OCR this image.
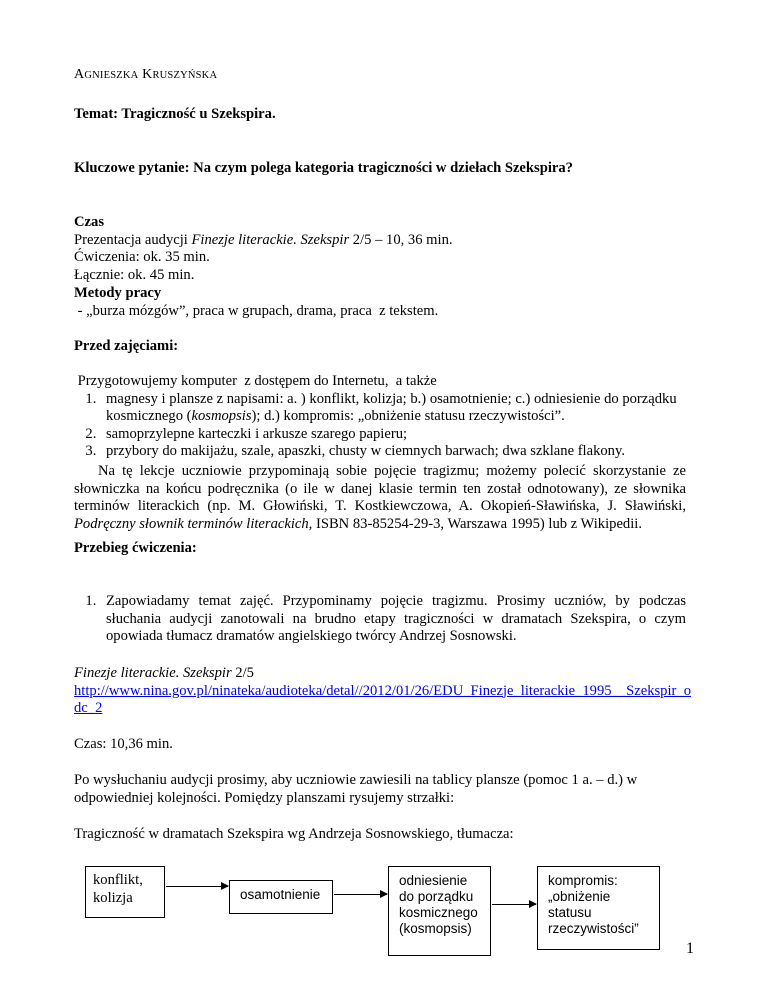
AGNIESZKA KRUSZYŃSKA
Temat: Tragiczność u Szekspira.
Kluczowe pytanie: Na czym polega kategoria tragiczności w dziełach Szekspira?
Czas
Prezentacja audycji Finezje literackie. Szekspir 2/5 – 10, 36 min.
Ćwiczenia: ok. 35 min.
Łącznie: ok. 45 min.
Metody pracy
- „burza mózgów”, praca w grupach, drama, praca  z tekstem.
Przed zajęciami:
Przygotowujemy komputer  z dostępem do Internetu,  a także
1. magnesy i plansze z napisami: a. ) konflikt, kolizja; b.) osamotnienie; c.) odniesienie do porządku kosmicznego (kosmopsis); d.) kompromis: „obniżenie statusu rzeczywistości”.
2. samoprzylepne karteczki i arkusze szarego papieru;
3. przybory do makijażu, szale, apaszki, chusty w ciemnych barwach; dwa szklane flakony.
Na tę lekcje uczniowie przypominają sobie pojęcie tragizmu; możemy polecić skorzystanie ze słowniczka na końcu podręcznika (o ile w danej klasie termin ten został odnotowany), ze słownika terminów literackich (np. M. Głowiński, T. Kostkiewczowa, A. Okopień-Sławińska, J. Sławiński, Podręczny słownik terminów literackich, ISBN 83-85254-29-3, Warszawa 1995) lub z Wikipedii.
Przebieg ćwiczenia:
1. Zapowiadamy temat zajęć. Przypominamy pojęcie tragizmu. Prosimy uczniów, by podczas słuchania audycji zanotowali na brudno etapy tragiczności w dramatach Szekspira, o czym opowiada tłumacz dramatów angielskiego twórcy Andrzej Sosnowski.
Finezje literackie. Szekspir 2/5
http://www.nina.gov.pl/ninateka/audioteka/detal//2012/01/26/EDU_Finezje_literackie_1995__Szekspir_odc_2
Czas: 10,36 min.
Po wysłuchaniu audycji prosimy, aby uczniowie zawiesili na tablicy plansze (pomoc 1 a. – d.) w odpowiedniej kolejności. Pomiędzy planszami rysujemy strzałki:
Tragiczność w dramatach Szekspira wg Andrzeja Sosnowskiego, tłumacza:
konflikt,
kolizja	osamotnienie
odniesienie
do porządku
kosmicznego
(kosmopsis)
kompromis:
„obniżenie
statusu
rzeczywistości”
1
